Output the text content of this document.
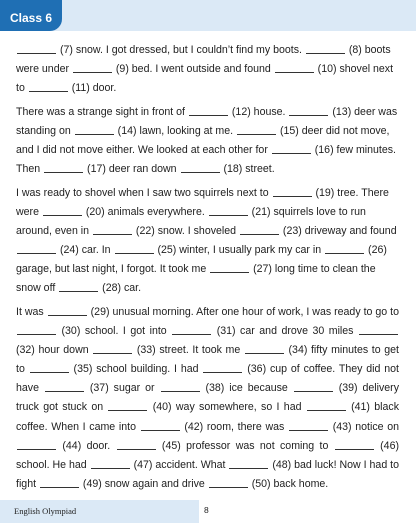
Class 6

(7) snow. I got dressed, but I couldn’t find my boots.	(8) boots were under	(9) bed. I went outside and found	(10) shovel next to	(11) door.

There was a strange sight in front of	(12) house.	(13) deer was standing on	(14) lawn, looking at me.	(15) deer did not move, and I did not move either. We looked at each other for	(16) few minutes. Then	(17) deer ran down	(18) street.

I was ready to shovel when I saw two squirrels next to	(19) tree. There were	(20) animals everywhere.	(21) squirrels love to run around, even in	(22) snow. I shoveled	(23) driveway and found  (24) car. In	(25) winter, I usually park my car in	(26) garage, but last night, I forgot. It took me	(27) long time to clean the snow off	(28) car.

It was	(29) unusual morning. After one hour of work, I was ready to go to  (30) school. I got into	(31) car and drove 30 miles  (32) hour down	(33) street. It took me	(34) fifty minutes to get to	(35) school building. I had	(36) cup of coffee. They did not have	(37) sugar or	(38) ice because	(39) delivery truck got stuck on	(40) way somewhere, so I had	(41) black coffee. When I came into	(42) room, there was	(43) notice on  (44) door.	(45) professor was not coming to	(46) school. He had	(47) accident. What	(48) bad luck! Now I had to fight	(49) snow again and drive	(50) back home.

English Olympiad	8
